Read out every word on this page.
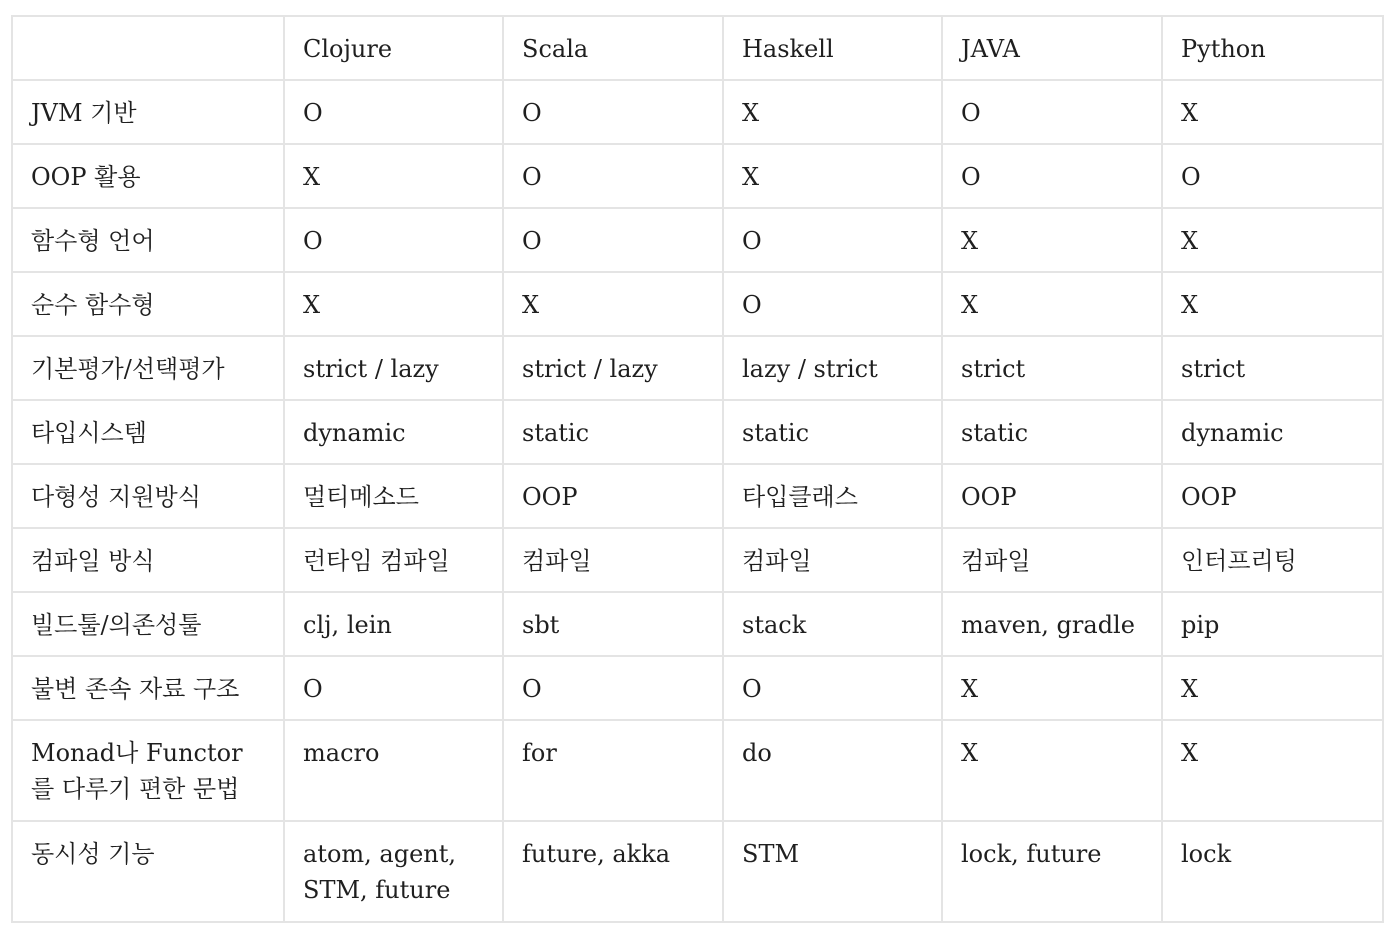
	Clojure	Scala	Haskell	JAVA	Python
JVM 기반	O	O	X	O	X
OOP 활용	X	O	X	O	O
함수형 언어	O	O	O	X	X
순수 함수형	X	X	O	X	X
기본평가/선택평가	strict / lazy	strict / lazy	lazy / strict	strict	strict
타입시스템	dynamic	static	static	static	dynamic
다형성 지원방식	멀티메소드	OOP	타입클래스	OOP	OOP
컴파일 방식	런타임 컴파일	컴파일	컴파일	컴파일	인터프리팅
빌드툴/의존성툴	clj, lein	sbt	stack	maven, gradle	pip
불변 존속 자료 구조	O	O	O	X	X
Monad나 Functor를 다루기 편한 문법	macro	for	do	X	X
동시성 기능	atom, agent, STM, future	future, akka	STM	lock, future	lock
